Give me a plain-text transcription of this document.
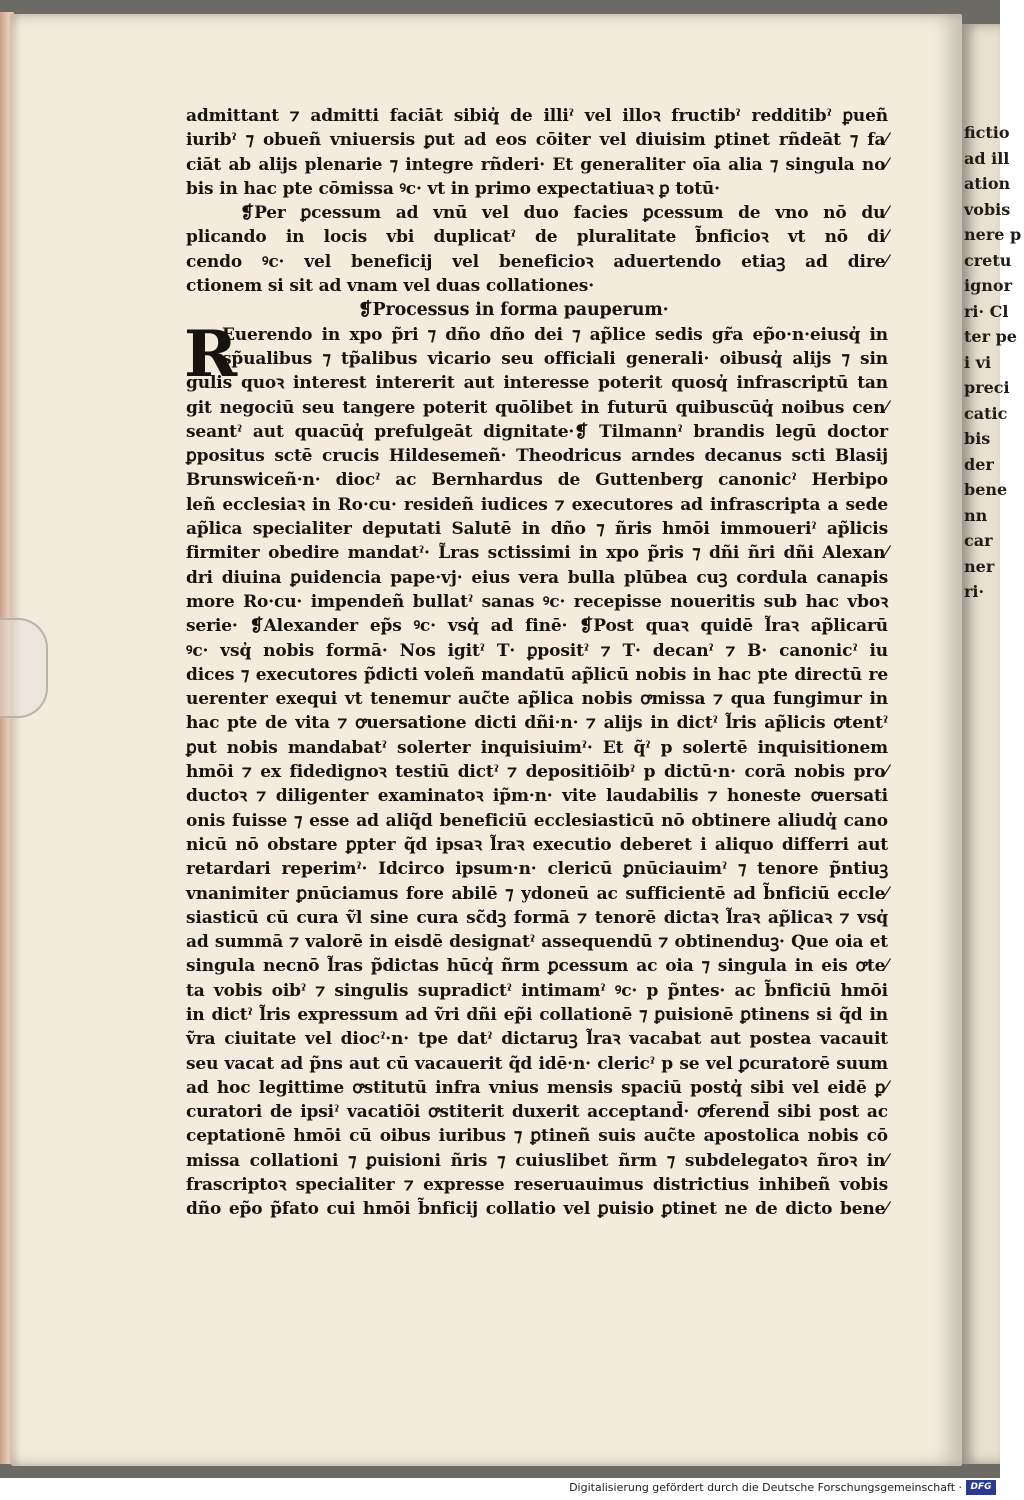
fictio
ad ill
ation
vobis
nere p
cretu
ignor
ri· Cl
ter pe
i vi
preci
catic
bis
der
bene
nn
car
ner
ri·
admittant ⁊ admitti faciāt sibiq̓ de illiˀ vel illoꝛ fructibˀ redditibˀ ꝑueñ
iuribˀ ⁊ obueñ vniuersis ꝑut ad eos cōiter vel diuisim ꝑtinet rñdeāt ⁊ fa⁄
ciāt ab alijs plenarie ⁊ integre rñderi· Et generaliter oīa alia ⁊ singula no⁄
bis in hac pte cōmissa ꝰc· vt in primo expectatiuaꝛ ꝑ totū·
❡Per ꝑcessum ad vnū vel duo facies ꝑcessum de vno nō du⁄
plicando in locis vbi duplicatˀ de pluralitate b̃nficioꝛ vt nō di⁄
cendo ꝰc· vel beneficij vel beneficioꝛ aduertendo etiaꝫ ad dire⁄
ctionem si sit ad vnam vel duas collationes·
❡Processus in forma pauperum·
R
Euerendo in xpo p̃ri ⁊ dño dño dei ⁊ ap̃lice sedis gr̃a ep̃o·n·eiusq̓ in
sp̃ualibus ⁊ tp̃alibus vicario seu officiali generali· oibusq̓ alijs ⁊ sin
gulis quoꝛ interest intererit aut interesse poterit quosq̓ infrascriptū tan
git negociū seu tangere poterit quōlibet in futurū quibuscūq̓ noibus cen⁄
seantˀ aut quacūq̓ prefulgeāt dignitate·❡ Tilmannˀ brandis legū doctor
ꝑpositus sctē crucis Hildesemeñ· Theodricus arndes decanus scti Blasij
Brunswiceñ·n· diocˀ ac Bernhardus de Guttenberg canonicˀ Herbipo
leñ ecclesiaꝛ in Ro·cu· resideñ iudices ⁊ executores ad infrascripta a sede
ap̃lica specialiter deputati Salutē in dño ⁊ ñris hmōi immoueriˀ ap̃licis
firmiter obedire mandatˀ· L̃ras sctissimi in xpo p̃ris ⁊ dñi ñri dñi Alexan⁄
dri diuina ꝑuidencia pape·vj· eius vera bulla plūbea cuꝫ cordula canapis
more Ro·cu· impendeñ bullatˀ sanas ꝰc· recepisse noueritis sub hac vboꝛ
serie· ❡Alexander ep̃s ꝰc· vsq̓ ad finē· ❡Post quaꝛ quidē l̃raꝛ ap̃licarū
ꝰc· vsq̓ nobis formā· Nos igitˀ T· ꝑpositˀ ⁊ T· decanˀ ⁊ B· canonicˀ iu
dices ⁊ executores p̃dicti voleñ mandatū ap̃licū nobis in hac pte directū re
uerenter exequi vt tenemur auc̃te ap̃lica nobis ꝍmissa ⁊ qua fungimur in
hac pte de vita ⁊ ꝍuersatione dicti dñi·n· ⁊ alijs in dictˀ l̃ris ap̃licis ꝍtentˀ
ꝑut nobis mandabatˀ solerter inquisiuimˀ· Et q̃ˀ p solertē inquisitionem
hmōi ⁊ ex fidedignoꝛ testiū dictˀ ⁊ depositiōibˀ p dictū·n· corā nobis pro⁄
ductoꝛ ⁊ diligenter examinatoꝛ ip̃m·n· vite laudabilis ⁊ honeste ꝍuersati
onis fuisse ⁊ esse ad aliq̃d beneficiū ecclesiasticū nō obtinere aliudq̓ cano
nicū nō obstare ꝑpter q̃d ipsaꝛ l̃raꝛ executio deberet i aliquo differri aut
retardari reperimˀ· Idcirco ipsum·n· clericū ꝑnūciauimˀ ⁊ tenore p̃ntiuꝫ
vnanimiter ꝑnūciamus fore abilē ⁊ ydoneū ac sufficientē ad b̃nficiū eccle⁄
siasticū cū cura ṽl sine cura sc̃dꝫ formā ⁊ tenorē dictaꝛ l̃raꝛ ap̃licaꝛ ⁊ vsq̓
ad summā ⁊ valorē in eisdē designatˀ assequendū ⁊ obtinenduꝫ· Que oia et
singula necnō l̃ras p̃dictas hūcq̓ ñrm ꝑcessum ac oia ⁊ singula in eis ꝍte⁄
ta vobis oibˀ ⁊ singulis supradictˀ intimamˀ ꝰc· p p̃ntes· ac b̃nficiū hmōi
in dictˀ l̃ris expressum ad ṽri dñi ep̃i collationē ⁊ ꝑuisionē ꝑtinens si q̃d in
ṽra ciuitate vel diocˀ·n· tpe datˀ dictaruꝫ l̃raꝛ vacabat aut postea vacauit
seu vacat ad p̃ns aut cū vacauerit q̃d idē·n· clericˀ p se vel ꝑcuratorē suum
ad hoc legittime ꝍstitutū infra vnius mensis spaciū postq̓ sibi vel eidē ꝑ⁄
curatori de ipsiˀ vacatiōi ꝍstiterit duxerit acceptand̄· ꝍferend̄ sibi post ac
ceptationē hmōi cū oibus iuribus ⁊ ꝑtineñ suis auc̃te apostolica nobis cō
missa collationi ⁊ ꝑuisioni ñris ⁊ cuiuslibet ñrm ⁊ subdelegatoꝛ ñroꝛ in⁄
frascriptoꝛ specialiter ⁊ expresse reseruauimus districtius inhibeñ vobis
dño ep̃o p̃fato cui hmōi b̃nficij collatio vel ꝑuisio ꝑtinet ne de dicto bene⁄
Digitalisierung gefördert durch die Deutsche Forschungsgemeinschaft · DFG
